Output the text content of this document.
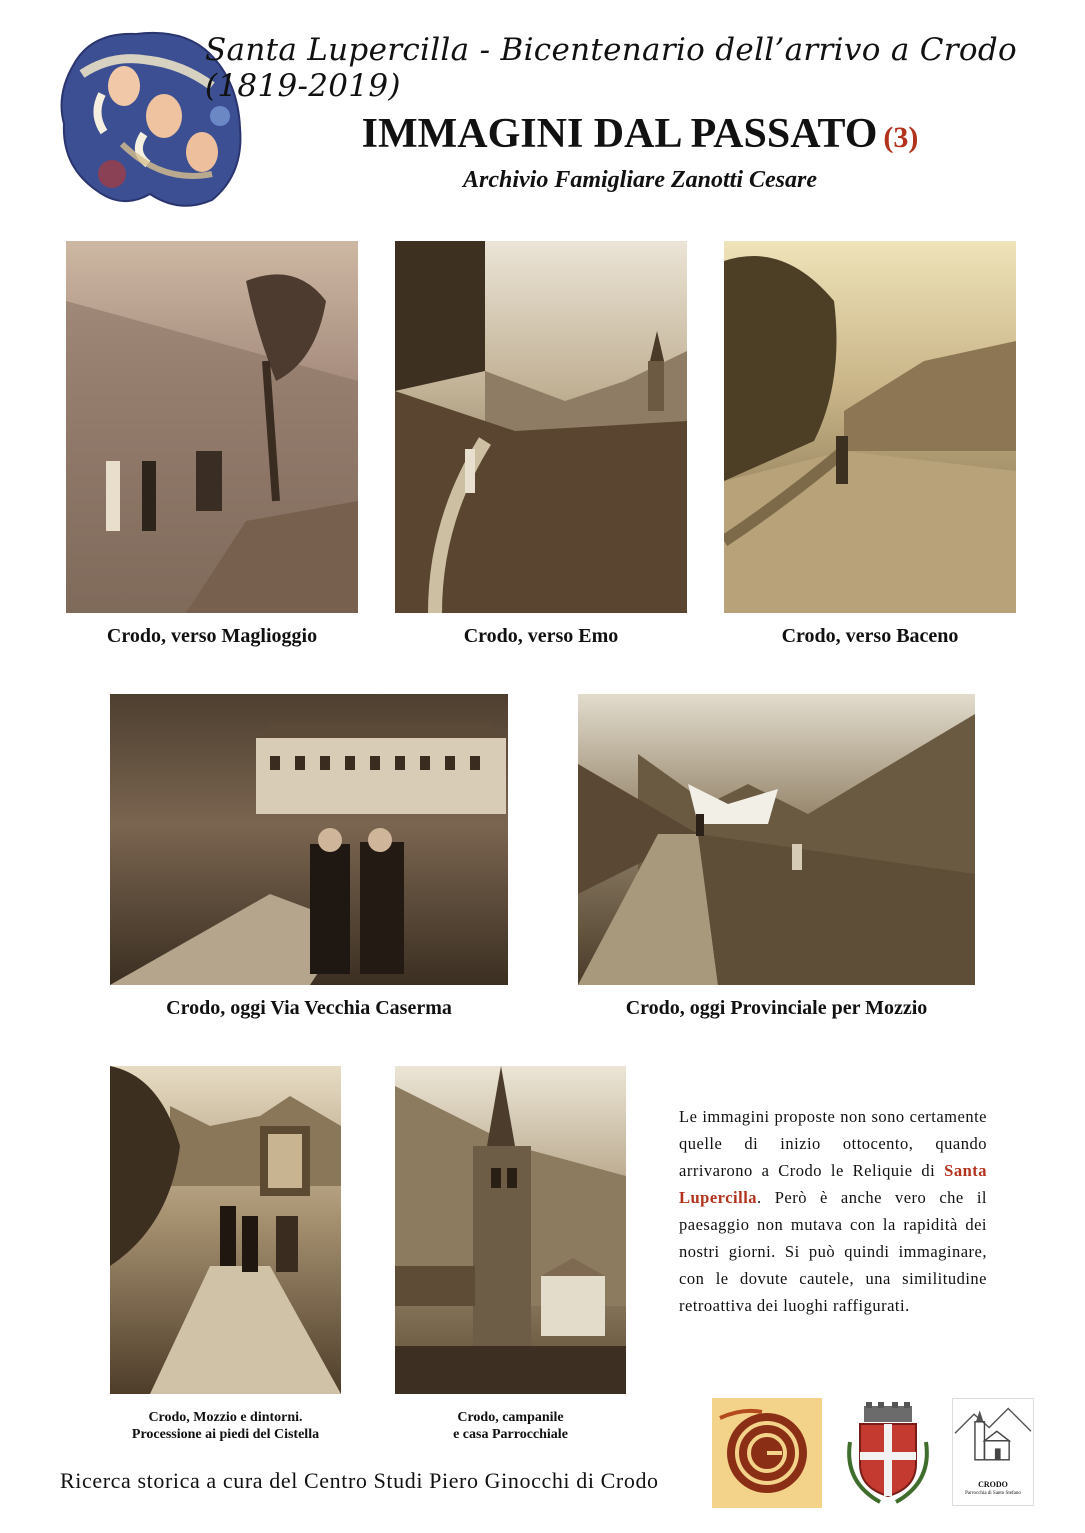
Santa Lupercilla - Bicentenario dell’arrivo a Crodo (1819-2019)
IMMAGINI DAL PASSATO (3)
Archivio Famigliare Zanotti Cesare
Crodo, verso Maglioggio	Crodo, verso Emo	Crodo, verso Baceno
Crodo, oggi Via Vecchia Caserma	Crodo, oggi Provinciale per Mozzio
Crodo, Mozzio e dintorni.
Processione ai piedi del Cistella
Crodo, campanile
e casa Parrocchiale
Le immagini proposte non sono certamente quelle di inizio ottocento, quando arrivarono a Crodo le Reliquie di Santa Lupercilla. Però è anche vero che il paesaggio non mutava con la rapidità dei nostri giorni. Si può quindi immaginare, con le dovute cautele, una similitudine retroattiva dei luoghi raffigurati.
Ricerca storica a cura del Centro Studi Piero Ginocchi di Crodo	CRODO
Parrocchia di Santo Stefano
